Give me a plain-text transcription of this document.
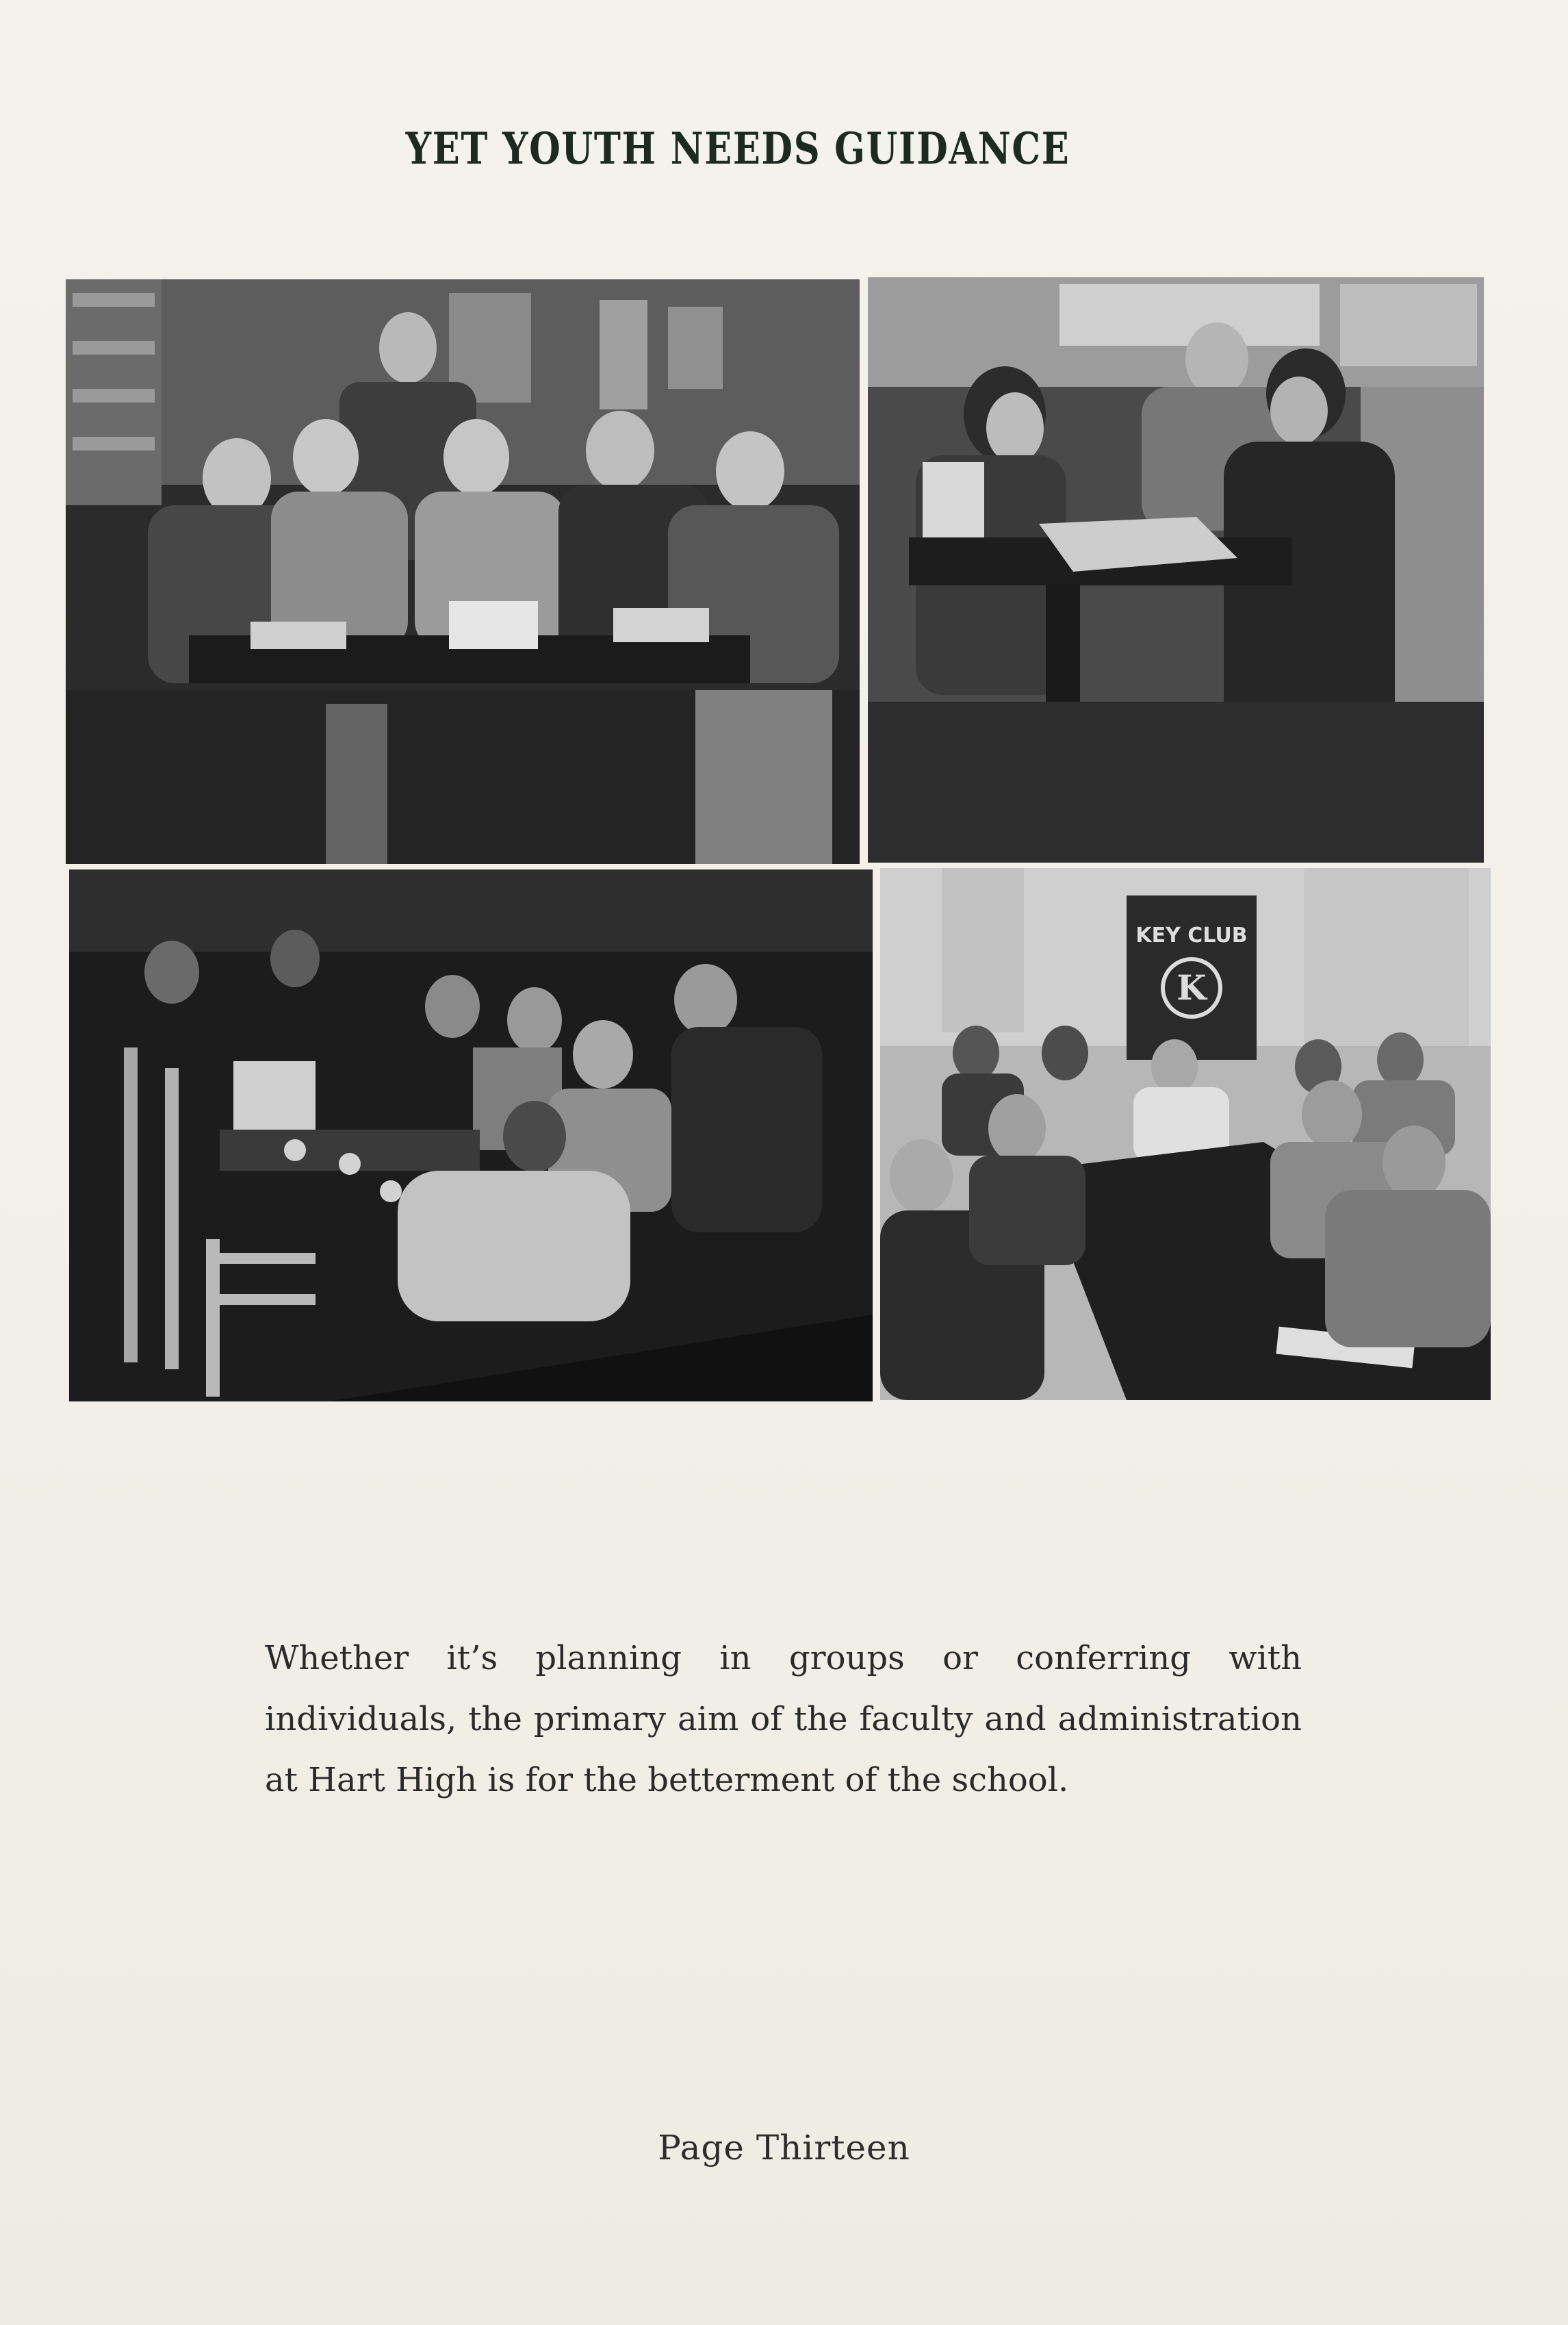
YET YOUTH NEEDS GUIDANCE
KEY CLUB
K
Whether it’s planning in groups or conferring with individuals, the primary aim of the faculty and administration at Hart High is for the betterment of the school.
Page Thirteen
